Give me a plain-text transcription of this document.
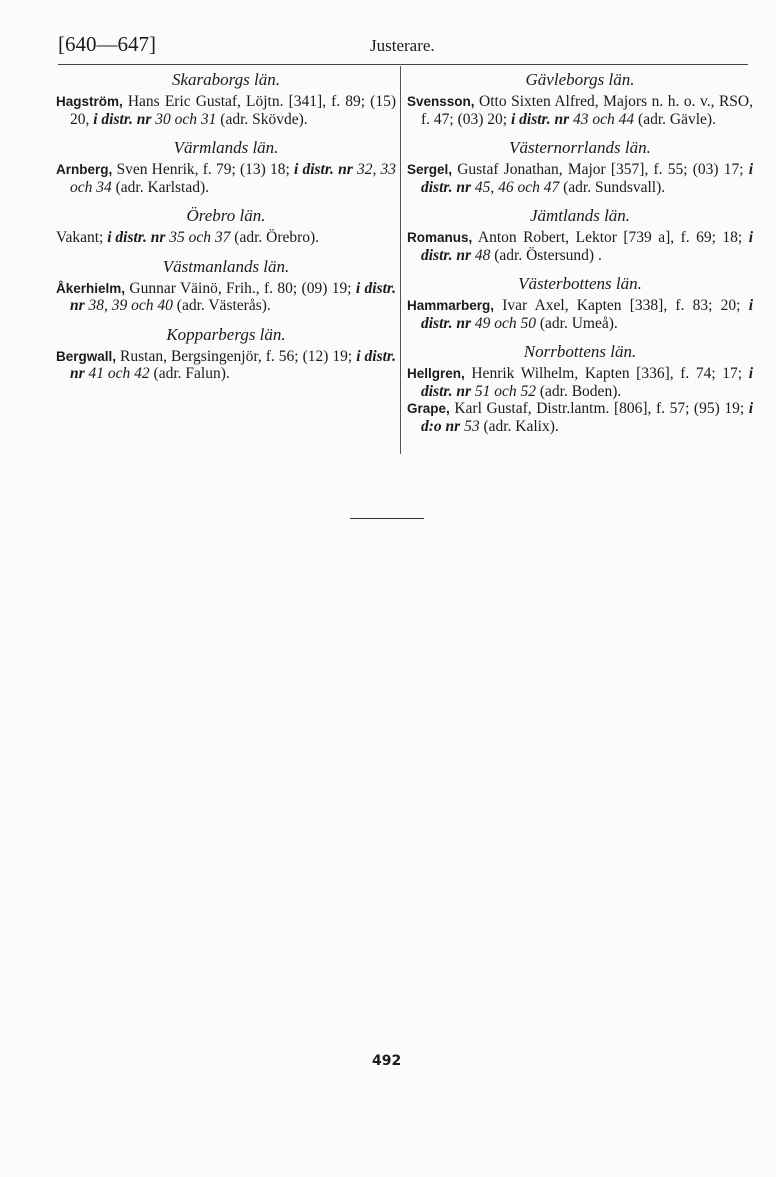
[640—647]	Justerare.
Skaraborgs län.

Hagström, Hans Eric Gustaf, Löjtn. [341], f. 89; (15) 20, i distr. nr 30 och 31 (adr. Skövde).

Värmlands län.

Arnberg, Sven Henrik, f. 79; (13) 18; i distr. nr 32, 33 och 34 (adr. Karlstad).

Örebro län.

Vakant; i distr. nr 35 och 37 (adr. Örebro).

Västmanlands län.

Åkerhielm, Gunnar Väinö, Frih., f. 80; (09) 19; i distr. nr 38, 39 och 40 (adr. Västerås).

Kopparbergs län.

Bergwall, Rustan, Bergsingenjör, f. 56; (12) 19; i distr. nr 41 och 42 (adr. Falun).

Gävleborgs län.

Svensson, Otto Sixten Alfred, Majors n. h. o. v., RSO, f. 47; (03) 20; i distr. nr 43 och 44 (adr. Gävle).

Västernorrlands län.

Sergel, Gustaf Jonathan, Major [357], f. 55; (03) 17; i distr. nr 45, 46 och 47 (adr. Sundsvall).

Jämtlands län.

Romanus, Anton Robert, Lektor [739 a], f. 69; 18; i distr. nr 48 (adr. Östersund) .

Västerbottens län.

Hammarberg, Ivar Axel, Kapten [338], f. 83; 20; i distr. nr 49 och 50 (adr. Umeå).

Norrbottens län.

Hellgren, Henrik Wilhelm, Kapten [336], f. 74; 17; i distr. nr 51 och 52 (adr. Boden).

Grape, Karl Gustaf, Distr.lantm. [806], f. 57; (95) 19; i d:o nr 53 (adr. Kalix).

492
